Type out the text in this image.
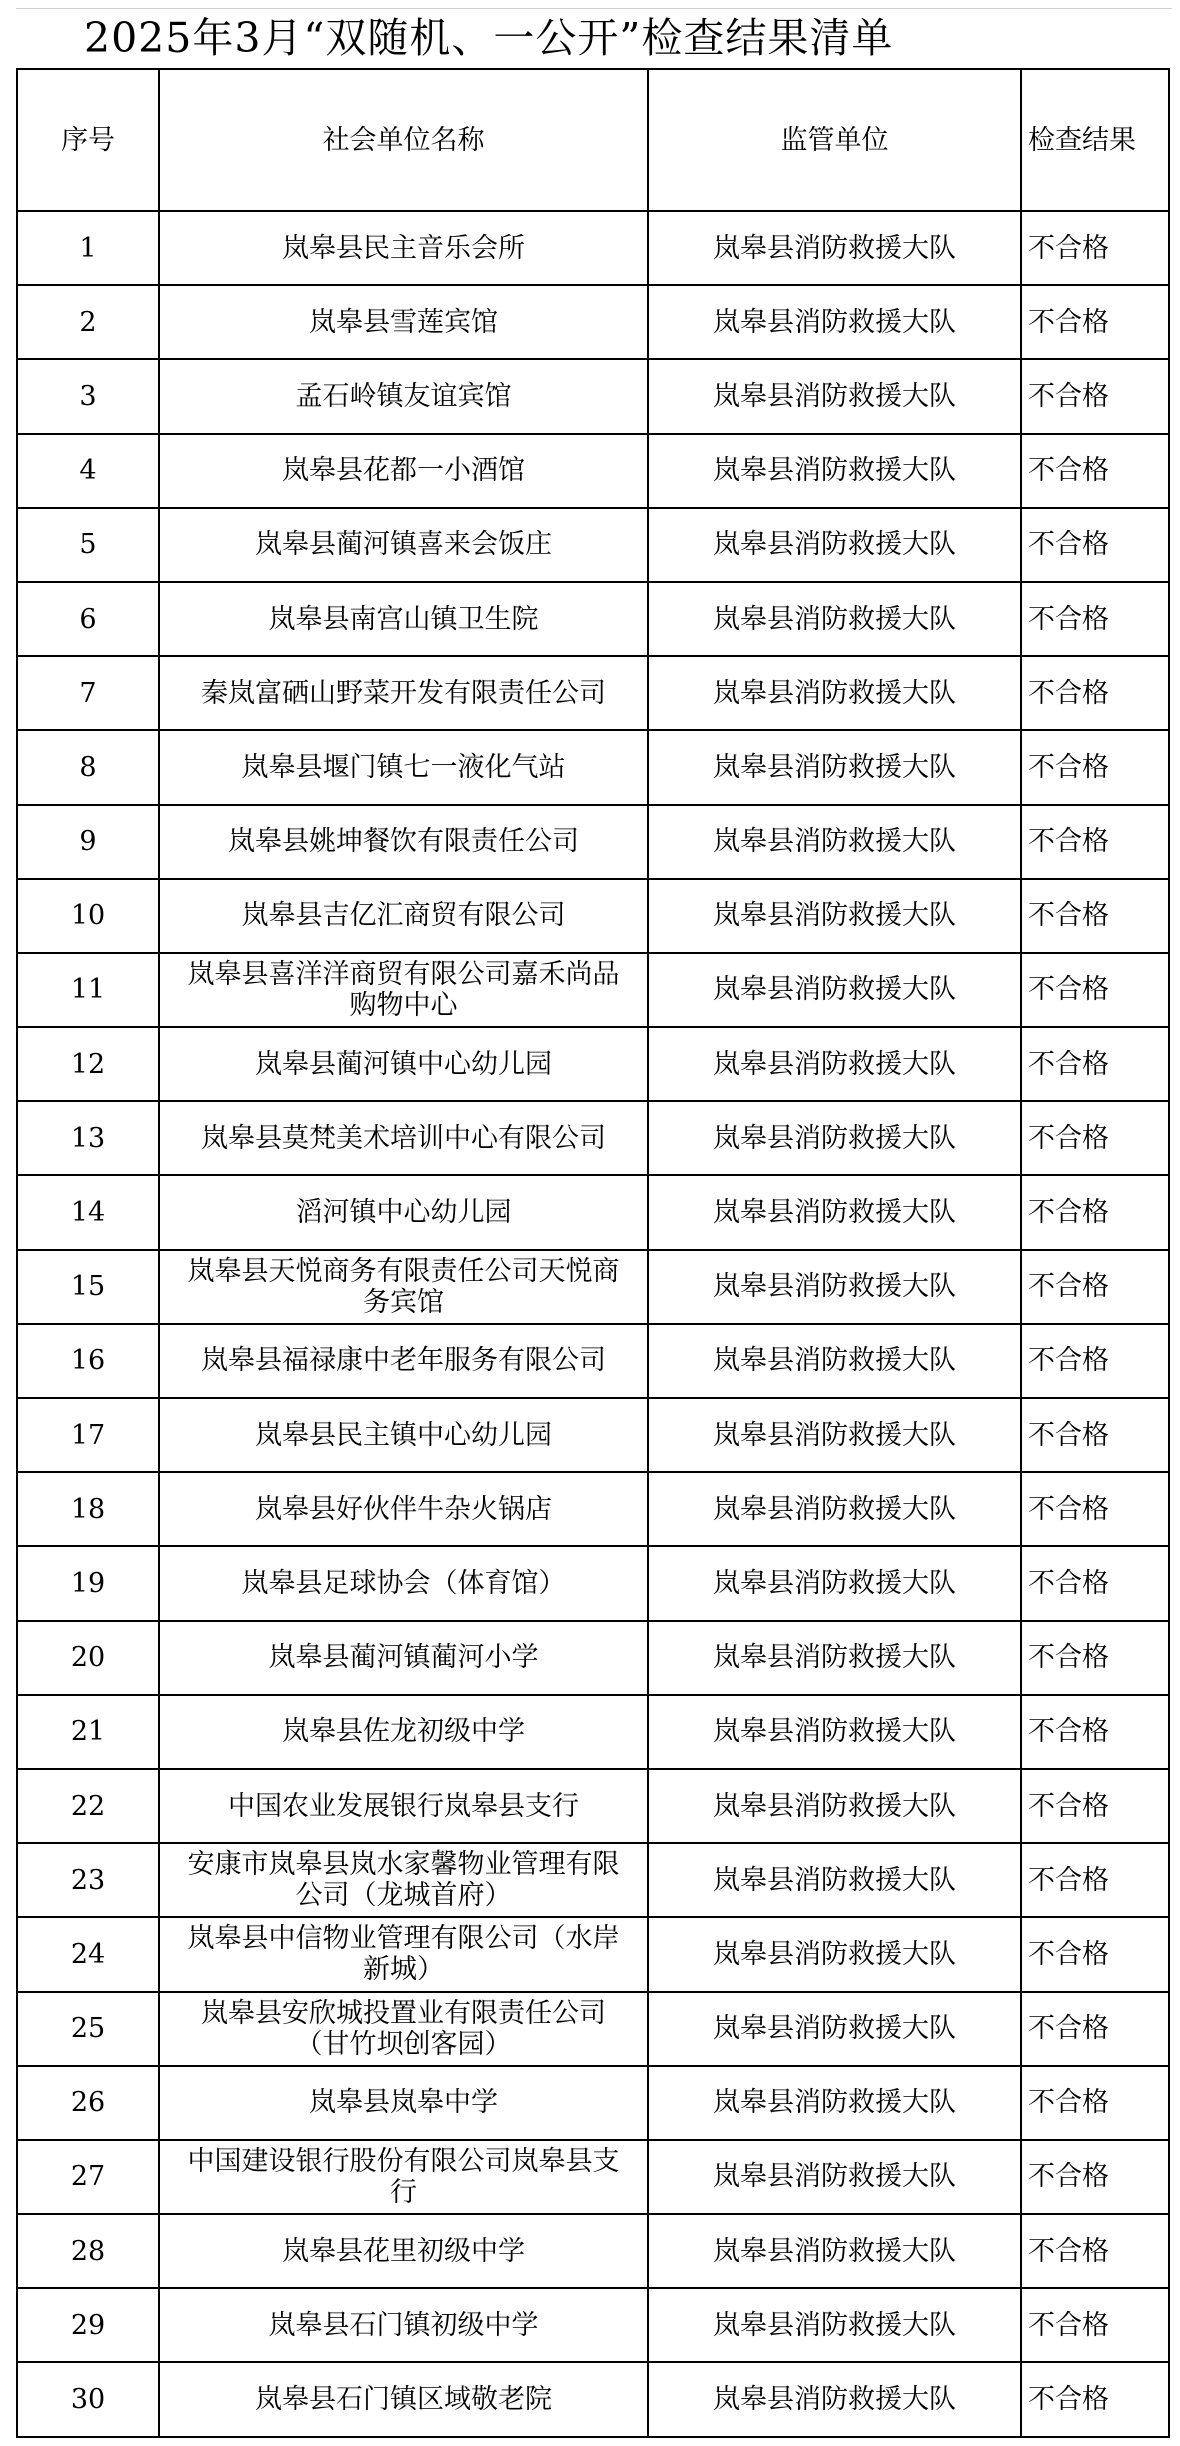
2025年3月“双随机、一公开”检查结果清单
序号	社会单位名称	监管单位	检查结果
1	岚皋县民主音乐会所	岚皋县消防救援大队	不合格
2	岚皋县雪莲宾馆	岚皋县消防救援大队	不合格
3	孟石岭镇友谊宾馆	岚皋县消防救援大队	不合格
4	岚皋县花都一小酒馆	岚皋县消防救援大队	不合格
5	岚皋县蔺河镇喜来会饭庄	岚皋县消防救援大队	不合格
6	岚皋县南宫山镇卫生院	岚皋县消防救援大队	不合格
7	秦岚富硒山野菜开发有限责任公司	岚皋县消防救援大队	不合格
8	岚皋县堰门镇七一液化气站	岚皋县消防救援大队	不合格
9	岚皋县姚坤餐饮有限责任公司	岚皋县消防救援大队	不合格
10	岚皋县吉亿汇商贸有限公司	岚皋县消防救援大队	不合格
11	岚皋县喜洋洋商贸有限公司嘉禾尚品购物中心	岚皋县消防救援大队	不合格
12	岚皋县蔺河镇中心幼儿园	岚皋县消防救援大队	不合格
13	岚皋县莫梵美术培训中心有限公司	岚皋县消防救援大队	不合格
14	滔河镇中心幼儿园	岚皋县消防救援大队	不合格
15	岚皋县天悦商务有限责任公司天悦商务宾馆	岚皋县消防救援大队	不合格
16	岚皋县福禄康中老年服务有限公司	岚皋县消防救援大队	不合格
17	岚皋县民主镇中心幼儿园	岚皋县消防救援大队	不合格
18	岚皋县好伙伴牛杂火锅店	岚皋县消防救援大队	不合格
19	岚皋县足球协会（体育馆）	岚皋县消防救援大队	不合格
20	岚皋县蔺河镇蔺河小学	岚皋县消防救援大队	不合格
21	岚皋县佐龙初级中学	岚皋县消防救援大队	不合格
22	中国农业发展银行岚皋县支行	岚皋县消防救援大队	不合格
23	安康市岚皋县岚水家馨物业管理有限公司（龙城首府）	岚皋县消防救援大队	不合格
24	岚皋县中信物业管理有限公司（水岸新城）	岚皋县消防救援大队	不合格
25	岚皋县安欣城投置业有限责任公司（甘竹坝创客园）	岚皋县消防救援大队	不合格
26	岚皋县岚皋中学	岚皋县消防救援大队	不合格
27	中国建设银行股份有限公司岚皋县支行	岚皋县消防救援大队	不合格
28	岚皋县花里初级中学	岚皋县消防救援大队	不合格
29	岚皋县石门镇初级中学	岚皋县消防救援大队	不合格
30	岚皋县石门镇区域敬老院	岚皋县消防救援大队	不合格
